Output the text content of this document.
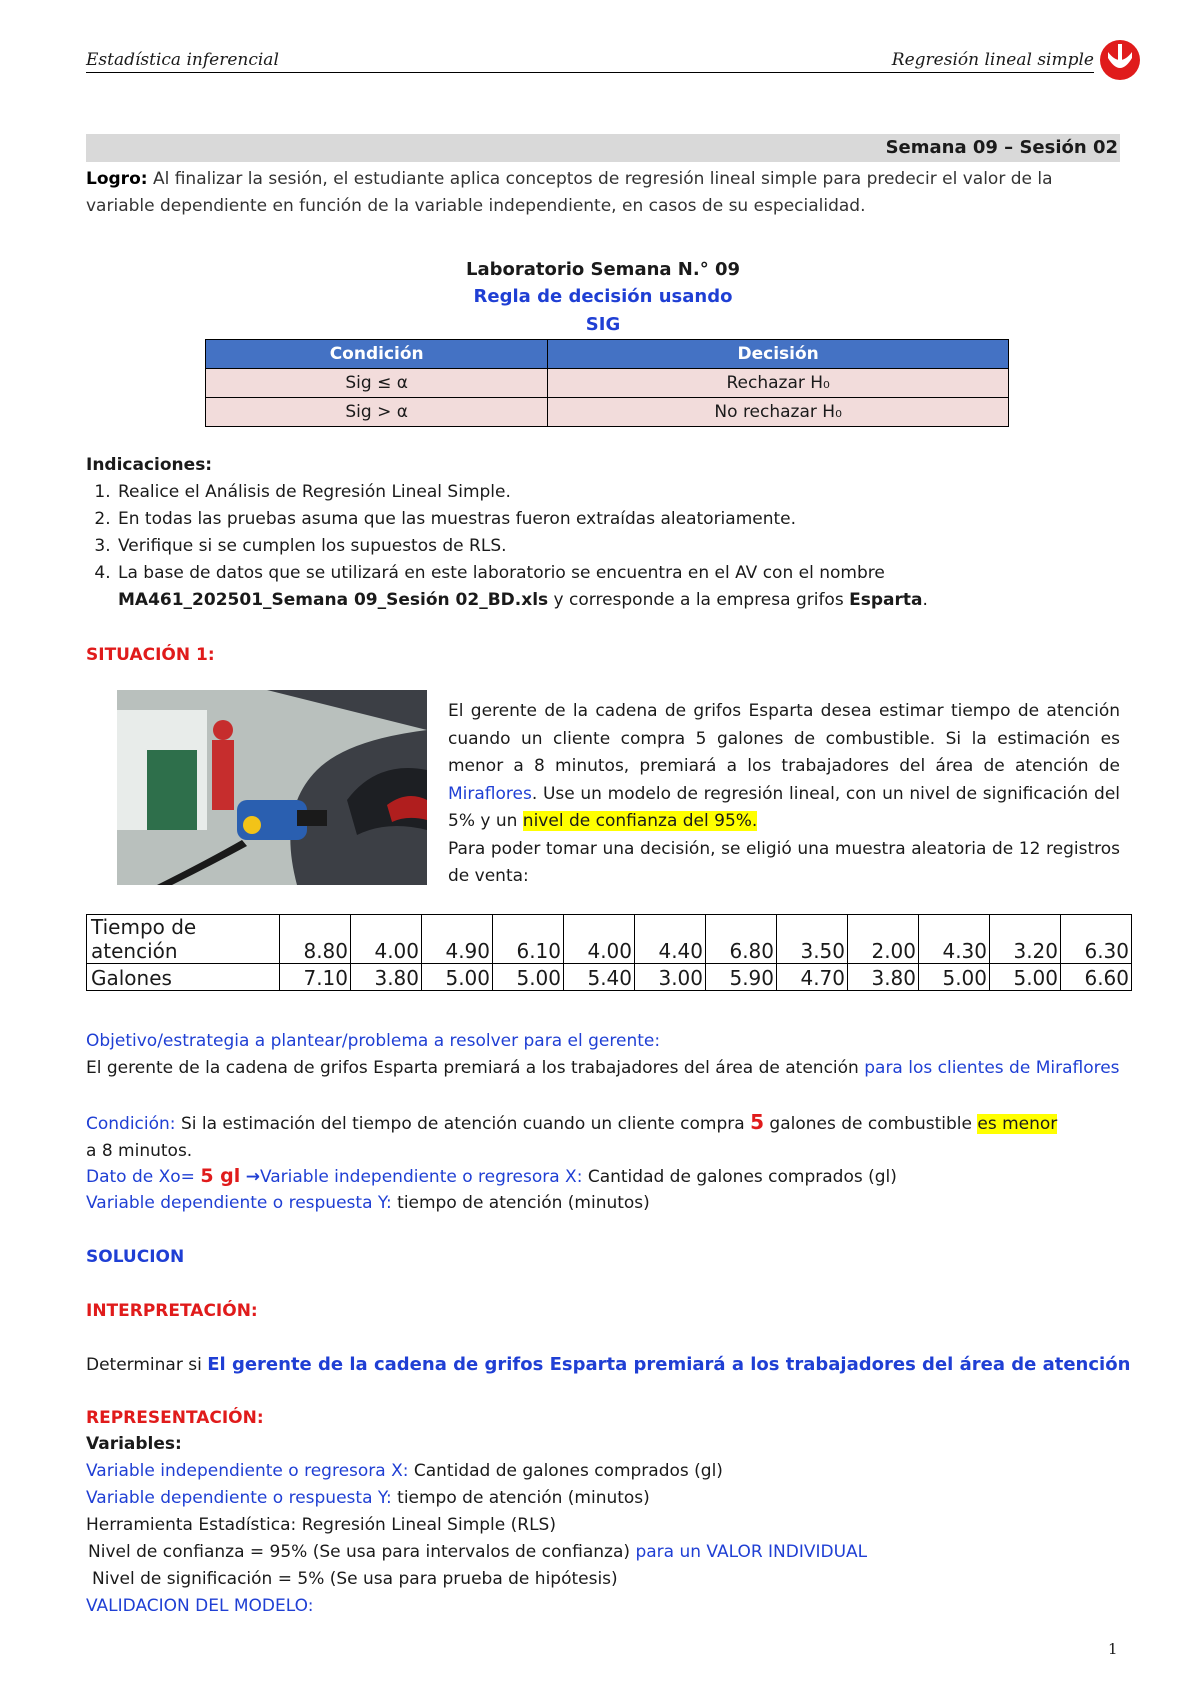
Estadística inferencial	Regresión lineal simple
Semana 09 – Sesión 02
Logro: Al finalizar la sesión, el estudiante aplica conceptos de regresión lineal simple para predecir el valor de la variable dependiente en función de la variable independiente, en casos de su especialidad.
Laboratorio Semana N.° 09
Regla de decisión usando
SIG
Condición	Decisión
Sig ≤ α	Rechazar H₀
Sig > α	No rechazar H₀
Indicaciones:
1. Realice el Análisis de Regresión Lineal Simple.
2. En todas las pruebas asuma que las muestras fueron extraídas aleatoriamente.
3. Verifique si se cumplen los supuestos de RLS.
4. La base de datos que se utilizará en este laboratorio se encuentra en el AV con el nombre
MA461_202501_Semana 09_Sesión 02_BD.xls y corresponde a la empresa grifos Esparta.
SITUACIÓN 1:
El gerente de la cadena de grifos Esparta desea estimar tiempo de atención cuando un cliente compra 5 galones de combustible. Si la estimación es menor a 8 minutos, premiará a los trabajadores del área de atención de Miraflores. Use un modelo de regresión lineal, con un nivel de significación del 5% y un nivel de confianza del 95%.
Para poder tomar una decisión, se eligió una muestra aleatoria de 12 registros de venta:
Tiempo de
atención	8.80	4.00	4.90	6.10	4.00	4.40	6.80	3.50	2.00	4.30	3.20	6.30
Galones	7.10	3.80	5.00	5.00	5.40	3.00	5.90	4.70	3.80	5.00	5.00	6.60
Objetivo/estrategia a plantear/problema a resolver para el gerente:
El gerente de la cadena de grifos Esparta premiará a los trabajadores del área de atención para los clientes de Miraflores
Condición: Si la estimación del tiempo de atención cuando un cliente compra 5 galones de combustible es menor
a 8 minutos.
Dato de Xo= 5 gl →Variable independiente o regresora X: Cantidad de galones comprados (gl)
Variable dependiente o respuesta Y: tiempo de atención (minutos)
SOLUCION
INTERPRETACIÓN:
Determinar si El gerente de la cadena de grifos Esparta premiará a los trabajadores del área de atención
REPRESENTACIÓN:
Variables:
Variable independiente o regresora X: Cantidad de galones comprados (gl)
Variable dependiente o respuesta Y: tiempo de atención (minutos)
Herramienta Estadística: Regresión Lineal Simple (RLS)
Nivel de confianza = 95% (Se usa para intervalos de confianza) para un VALOR INDIVIDUAL
Nivel de significación = 5% (Se usa para prueba de hipótesis)
VALIDACION DEL MODELO:
1
